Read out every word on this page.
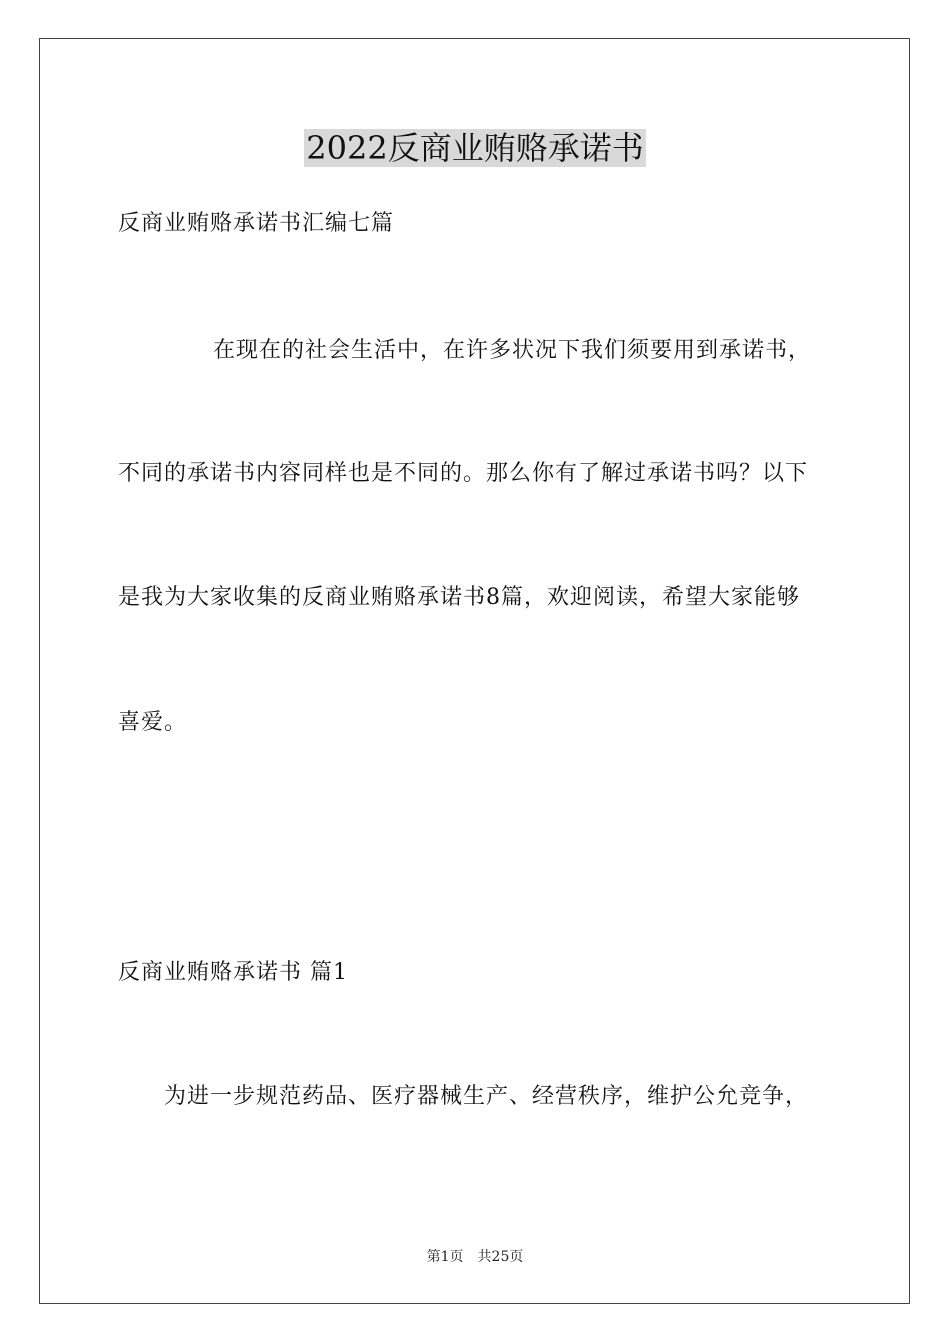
2022反商业贿赂承诺书
反商业贿赂承诺书汇编七篇
在现在的社会生活中，在许多状况下我们须要用到承诺书，
不同的承诺书内容同样也是不同的。那么你有了解过承诺书吗？以下
是我为大家收集的反商业贿赂承诺书8篇，欢迎阅读，希望大家能够
喜爱。
反商业贿赂承诺书 篇1
为进一步规范药品、医疗器械生产、经营秩序，维护公允竞争，
第1页　共25页
